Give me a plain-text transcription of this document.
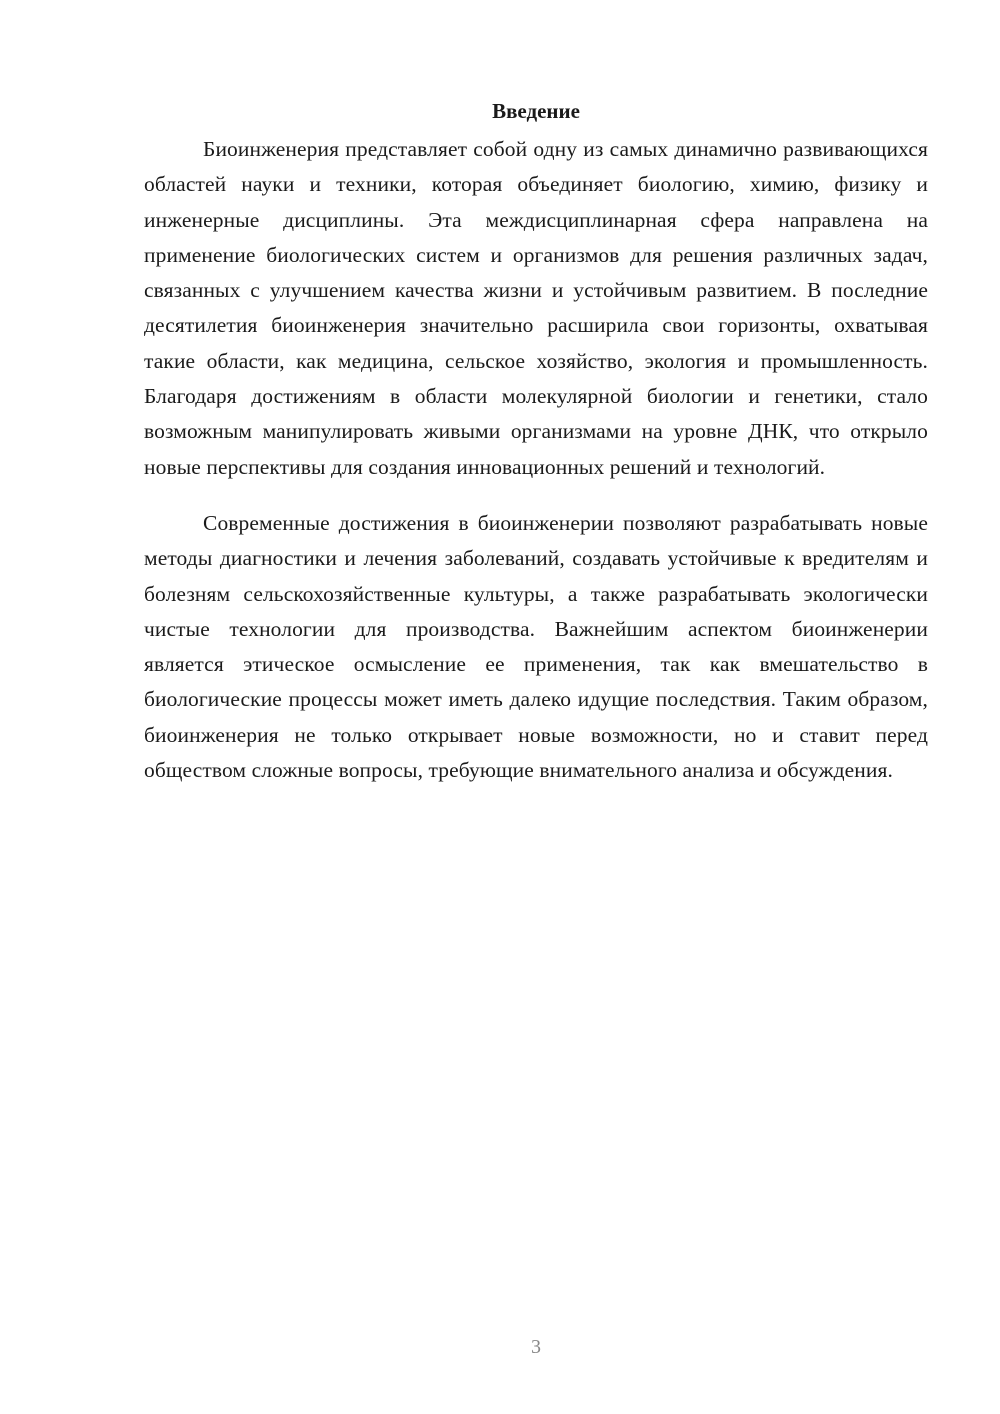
Введение

Биоинженерия представляет собой одну из самых динамично развивающихся областей науки и техники, которая объединяет биологию, химию, физику и инженерные дисциплины. Эта междисциплинарная сфера направлена на применение биологических систем и организмов для решения различных задач, связанных с улучшением качества жизни и устойчивым развитием. В последние десятилетия биоинженерия значительно расширила свои горизонты, охватывая такие области, как медицина, сельское хозяйство, экология и промышленность. Благодаря достижениям в области молекулярной биологии и генетики, стало возможным манипулировать живыми организмами на уровне ДНК, что открыло новые перспективы для создания инновационных решений и технологий.

Современные достижения в биоинженерии позволяют разрабатывать новые методы диагностики и лечения заболеваний, создавать устойчивые к вредителям и болезням сельскохозяйственные культуры, а также разрабатывать экологически чистые технологии для производства. Важнейшим аспектом биоинженерии является этическое осмысление ее применения, так как вмешательство в биологические процессы может иметь далеко идущие последствия. Таким образом, биоинженерия не только открывает новые возможности, но и ставит перед обществом сложные вопросы, требующие внимательного анализа и обсуждения.

3
